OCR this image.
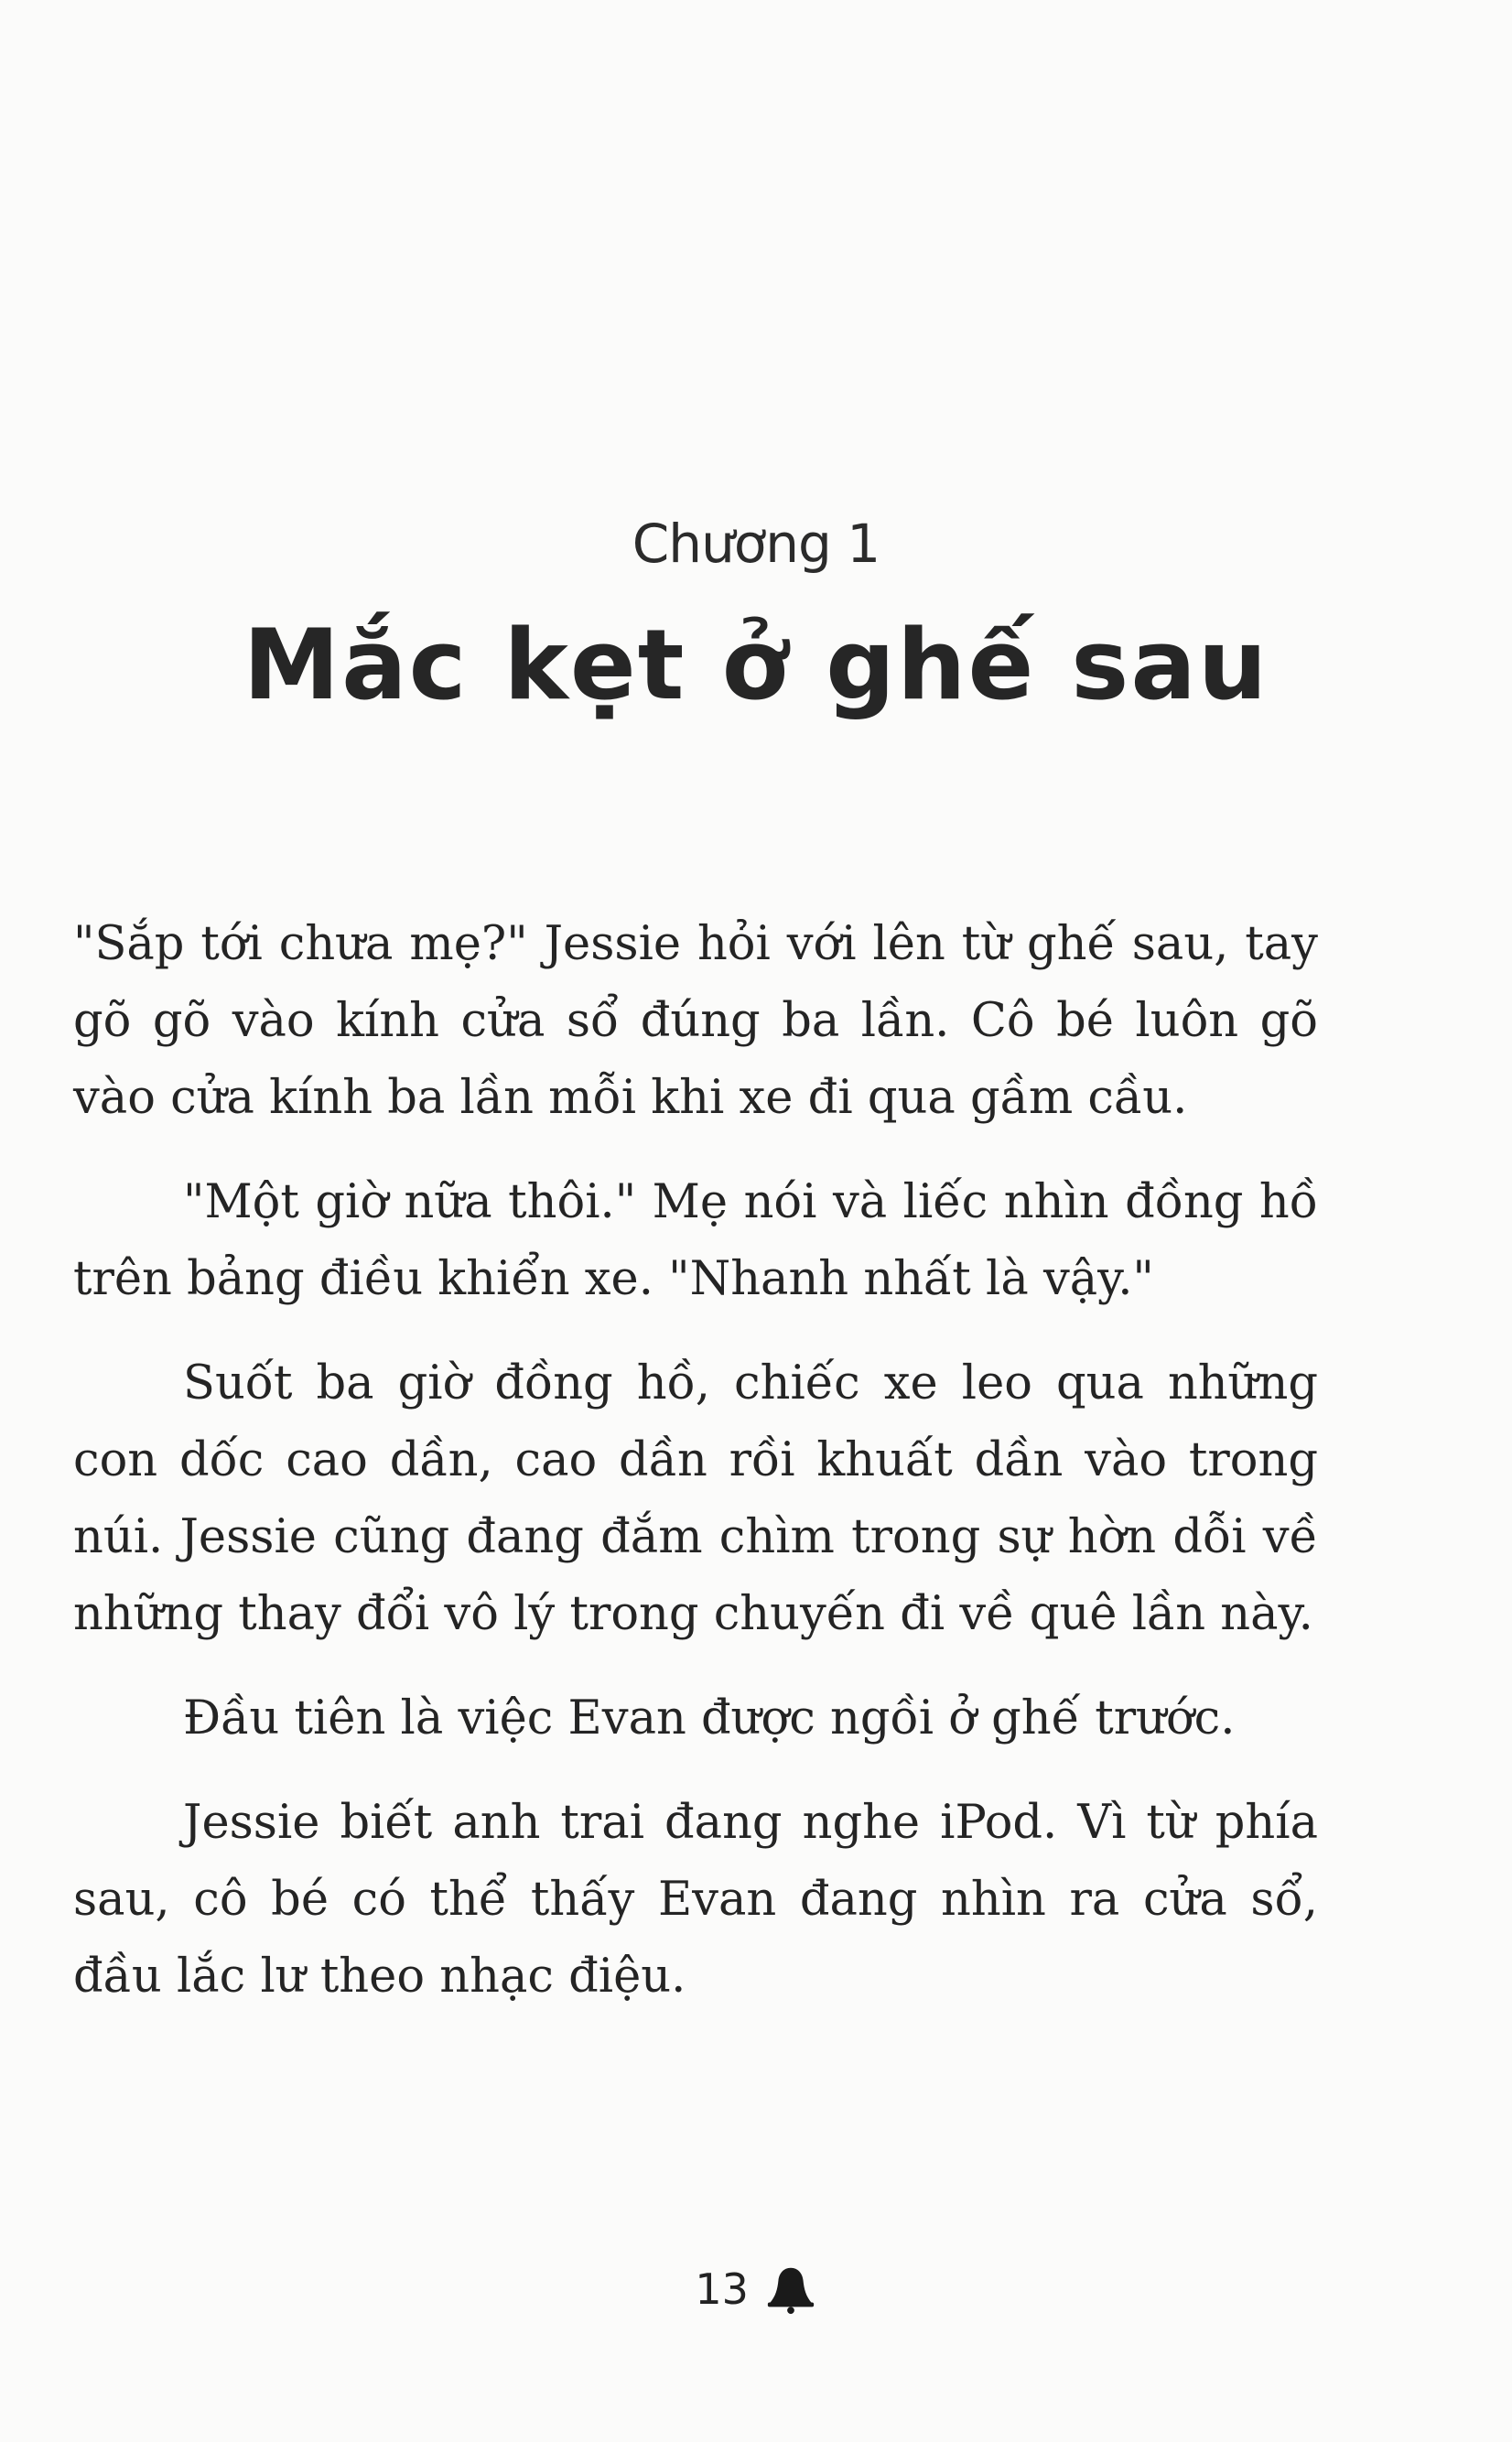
Chương 1
Mắc kẹt ở ghế sau

"Sắp tới chưa mẹ?" Jessie hỏi với lên từ ghế sau, tay gõ gõ vào kính cửa sổ đúng ba lần. Cô bé luôn gõ vào cửa kính ba lần mỗi khi xe đi qua gầm cầu.

"Một giờ nữa thôi." Mẹ nói và liếc nhìn đồng hồ trên bảng điều khiển xe. "Nhanh nhất là vậy."

Suốt ba giờ đồng hồ, chiếc xe leo qua những con dốc cao dần, cao dần rồi khuất dần vào trong núi. Jessie cũng đang đắm chìm trong sự hờn dỗi về những thay đổi vô lý trong chuyến đi về quê lần này.

Đầu tiên là việc Evan được ngồi ở ghế trước.

Jessie biết anh trai đang nghe iPod. Vì từ phía sau, cô bé có thể thấy Evan đang nhìn ra cửa sổ, đầu lắc lư theo nhạc điệu.

13
